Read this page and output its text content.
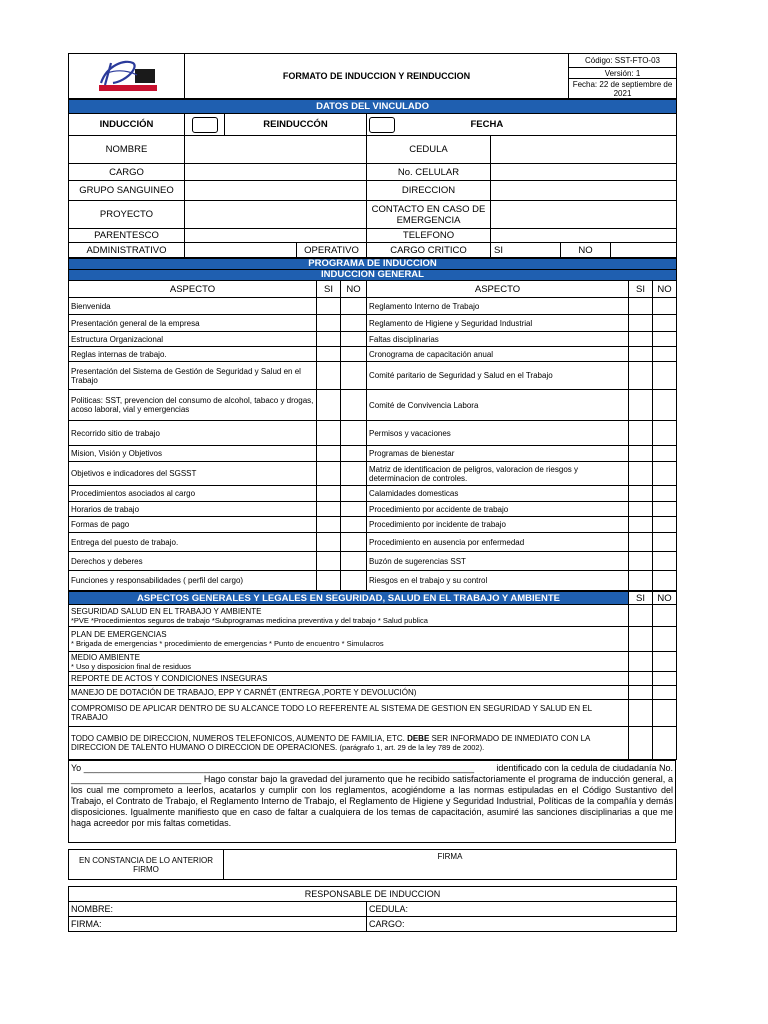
	FORMATO DE INDUCCION Y REINDUCCION	Código: SST-FTO-03
Versión: 1
Fecha: 22 de septiembre de 2021
DATOS DEL VINCULADO								
INDUCCIÓN		REINDUCCÓN			FECHA			
NOMBRE				CEDULA				
CARGO				No. CELULAR				
GRUPO SANGUINEO				DIRECCION				
PROYECTO				CONTACTO EN CASO DE EMERGENCIA				
PARENTESCO				TELEFONO				
ADMINISTRATIVO			OPERATIVO	CARGO CRITICO		SI	NO	
PROGRAMA DE INDUCCION					
INDUCCION GENERAL					
ASPECTO	SI	NO	ASPECTO	SI	NO
Bienvenida			Reglamento Interno de Trabajo		
Presentación general de la empresa			Reglamento de Higiene y Seguridad Industrial		
Estructura Organizacional			Faltas disciplinarias		
Reglas internas de trabajo.			Cronograma de capacitación anual		
Presentación del Sistema de Gestión de Seguridad y Salud en el Trabajo			Comité paritario de Seguridad y Salud en el Trabajo		
Politicas: SST, prevencion del consumo de alcohol, tabaco y drogas, acoso laboral, vial y emergencias			Comité de Convivencia Labora		
Recorrido sitio de trabajo			Permisos y vacaciones		
Mision, Visión y Objetivos			Programas de bienestar		
Objetivos e indicadores del SGSST			Matriz de identificacion de peligros, valoracion de riesgos y determinacion de controles.		
Procedimientos asociados al cargo			Calamidades domesticas		
Horarios de trabajo			Procedimiento por accidente de trabajo		
Formas de pago			Procedimiento por incidente de trabajo		
Entrega del puesto de trabajo.			Procedimiento en ausencia por enfermedad		
Derechos y deberes			Buzón de sugerencias SST		
Funciones y responsabilidades ( perfil del cargo)			Riesgos en el trabajo y su control		
ASPECTOS GENERALES Y LEGALES EN SEGURIDAD, SALUD EN EL TRABAJO Y AMBIENTE	SI	NO

SEGURIDAD SALUD EN EL TRABAJO Y AMBIENTE
*PVE *Procedimientos seguros de trabajo *Subprogramas medicina preventiva y del trabajo * Salud publica		

PLAN DE EMERGENCIAS
* Brigada de emergencias * procedimiento de emergencias * Punto de encuentro * Simulacros		

MEDIO AMBIENTE
* Uso y disposicion final de residuos		

REPORTE DE ACTOS Y CONDICIONES INSEGURAS		
MANEJO DE DOTACIÓN DE TRABAJO, EPP Y CARNÉT (ENTREGA ,PORTE Y DEVOLUCIÓN)		
COMPROMISO DE APLICAR DENTRO DE SU ALCANCE TODO LO REFERENTE AL SISTEMA DE GESTION EN SEGURIDAD Y SALUD EN EL TRABAJO		
TODO CAMBIO DE DIRECCION, NUMEROS TELEFONICOS, AUMENTO DE FAMILIA, ETC. DEBE SER INFORMADO DE INMEDIATO CON LA DIRECCION DE TALENTO HUMANO O DIRECCION DE OPERACIONES. (parágrafo 1, art. 29 de la ley 789 de 2002).		
Yo ______________________________________________________________________________ identificado con la cedula de ciudadanía No.
__________________________ Hago constar bajo la gravedad del juramento que he recibido satisfactoriamente el programa de inducción general, a los cual me comprometo a leerlos, acatarlos y cumplir con los reglamentos, acogiéndome a las normas estipuladas en el Código Sustantivo del Trabajo, el Contrato de Trabajo, el Reglamento Interno de Trabajo, el Reglamento de Higiene y Seguridad Industrial, Políticas de la compañía y demás disposiciones. Igualmente manifiesto que en caso de faltar a cualquiera de los temas de capacitación, asumiré las sanciones disciplinarias a que me haga acreedor por mis faltas cometidas.
EN CONSTANCIA DE LO ANTERIOR FIRMO	FIRMA
RESPONSABLE DE INDUCCION	
NOMBRE:	CEDULA:
FIRMA:	CARGO:
